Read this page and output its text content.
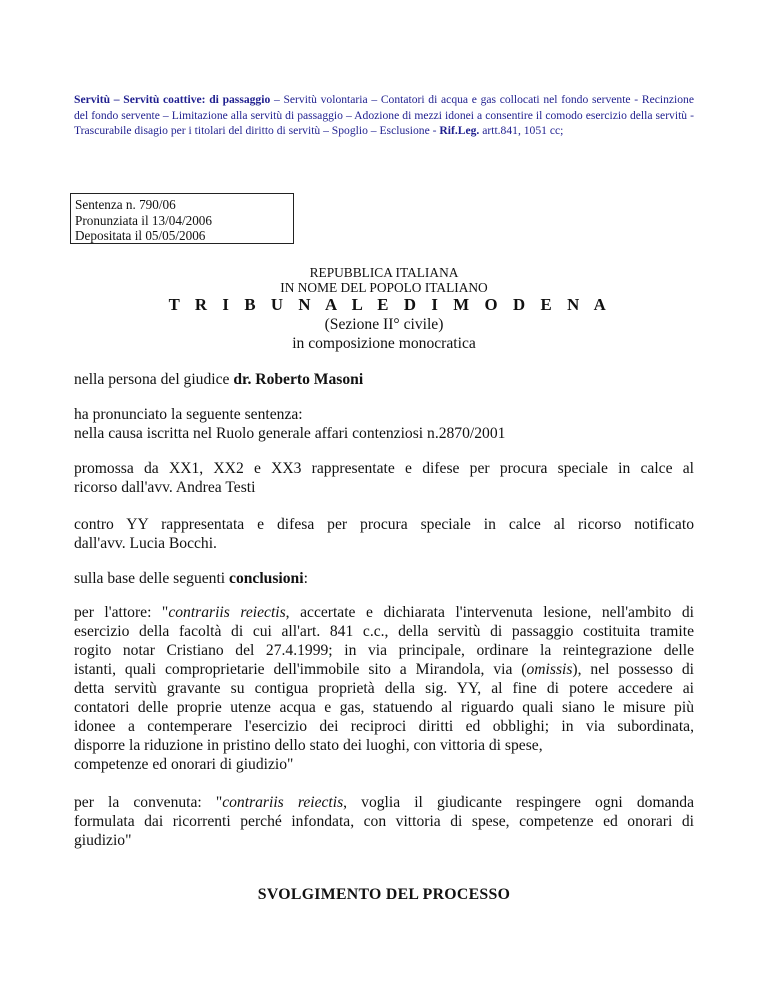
Servitù – Servitù coattive: di passaggio – Servitù volontaria – Contatori di acqua e gas collocati nel fondo servente - Recinzione del fondo servente – Limitazione alla servitù di passaggio – Adozione di mezzi idonei a consentire il comodo esercizio della servitù - Trascurabile disagio per i titolari del diritto di servitù – Spoglio – Esclusione - Rif.Leg. artt.841, 1051 cc;
Sentenza n. 790/06
Pronunziata il 13/04/2006
Depositata il 05/05/2006
REPUBBLICA ITALIANA
IN NOME DEL POPOLO ITALIANO
T R I B U N A L E D I M O D E N A
(Sezione II° civile)
in composizione monocratica
nella persona del giudice dr. Roberto Masoni
ha pronunciato la seguente sentenza:
nella causa iscritta nel Ruolo generale affari contenziosi n.2870/2001
promossa da XX1, XX2 e XX3 rappresentate e difese per procura speciale in calce al
ricorso dall'avv. Andrea Testi
contro YY rappresentata e difesa per procura speciale in calce al ricorso notificato
dall'avv. Lucia Bocchi.
sulla base delle seguenti conclusioni:
per l'attore: "contrariis reiectis, accertate e dichiarata l'intervenuta lesione, nell'ambito di
esercizio della facoltà di cui all'art. 841 c.c., della servitù di passaggio costituita tramite
rogito notar Cristiano del 27.4.1999; in via principale, ordinare la reintegrazione delle
istanti, quali comproprietarie dell'immobile sito a Mirandola, via (omissis), nel possesso di
detta servitù gravante su contigua proprietà della sig. YY, al fine di potere accedere ai
contatori delle proprie utenze acqua e gas, statuendo al riguardo quali siano le misure più
idonee a contemperare l'esercizio dei reciproci diritti ed obblighi; in via subordinata,
disporre la riduzione in pristino dello stato dei luoghi, con vittoria di spese,
competenze ed onorari di giudizio"
per la convenuta: "contrariis reiectis, voglia il giudicante respingere ogni domanda
formulata dai ricorrenti perché infondata, con vittoria di spese, competenze ed onorari di
giudizio"
SVOLGIMENTO DEL PROCESSO
